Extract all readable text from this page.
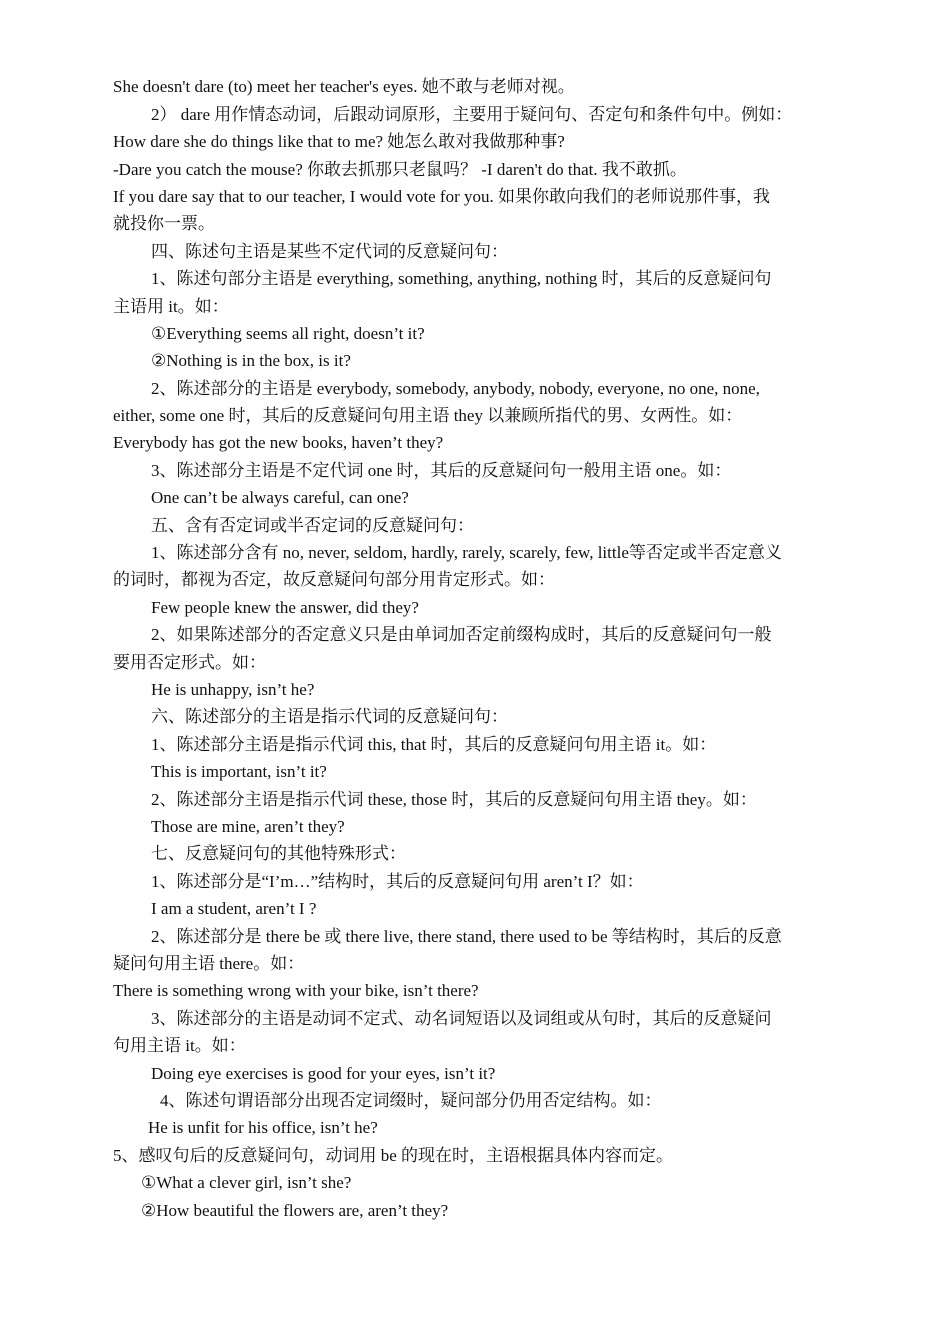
She doesn't dare (to) meet her teacher's eyes. 她不敢与老师对视。
2） dare 用作情态动词，后跟动词原形，主要用于疑问句、否定句和条件句中。例如：
How dare she do things like that to me? 她怎么敢对我做那种事?
-Dare you catch the mouse? 你敢去抓那只老鼠吗？ -I daren't do that. 我不敢抓。
If you dare say that to our teacher, I would vote for you. 如果你敢向我们的老师说那件事，我
就投你一票。
四、陈述句主语是某些不定代词的反意疑问句：
1、陈述句部分主语是 everything, something, anything, nothing 时，其后的反意疑问句
主语用 it。如：
①Everything seems all right, doesn’t it?
②Nothing is in the box, is it?
2、陈述部分的主语是 everybody, somebody, anybody, nobody, everyone, no one, none,
either, some one 时，其后的反意疑问句用主语 they 以兼顾所指代的男、女两性。如：
Everybody has got the new books, haven’t they?
3、陈述部分主语是不定代词 one 时，其后的反意疑问句一般用主语 one。如：
One can’t be always careful, can one?
五、含有否定词或半否定词的反意疑问句：
1、陈述部分含有 no, never, seldom, hardly, rarely, scarely, few, little等否定或半否定意义
的词时，都视为否定，故反意疑问句部分用肯定形式。如：
Few people knew the answer, did they?
2、如果陈述部分的否定意义只是由单词加否定前缀构成时，其后的反意疑问句一般
要用否定形式。如：
He is unhappy, isn’t he?
六、陈述部分的主语是指示代词的反意疑问句：
1、陈述部分主语是指示代词 this, that 时，其后的反意疑问句用主语 it。如：
This is important, isn’t it?
2、陈述部分主语是指示代词 these, those 时，其后的反意疑问句用主语 they。如：
Those are mine, aren’t they?
七、反意疑问句的其他特殊形式：
1、陈述部分是“I’m…”结构时，其后的反意疑问句用 aren’t I？如：
I am a student, aren’t I ?
2、陈述部分是 there be 或 there live, there stand, there used to be 等结构时，其后的反意
疑问句用主语 there。如：
There is something wrong with your bike, isn’t there?
3、陈述部分的主语是动词不定式、动名词短语以及词组或从句时，其后的反意疑问
句用主语 it。如：
Doing eye exercises is good for your eyes, isn’t it?
4、陈述句谓语部分出现否定词缀时，疑问部分仍用否定结构。如：
He is unfit for his office, isn’t he?
5、感叹句后的反意疑问句，动词用 be 的现在时，主语根据具体内容而定。
①What a clever girl, isn’t she?
②How beautiful the flowers are, aren’t they?
